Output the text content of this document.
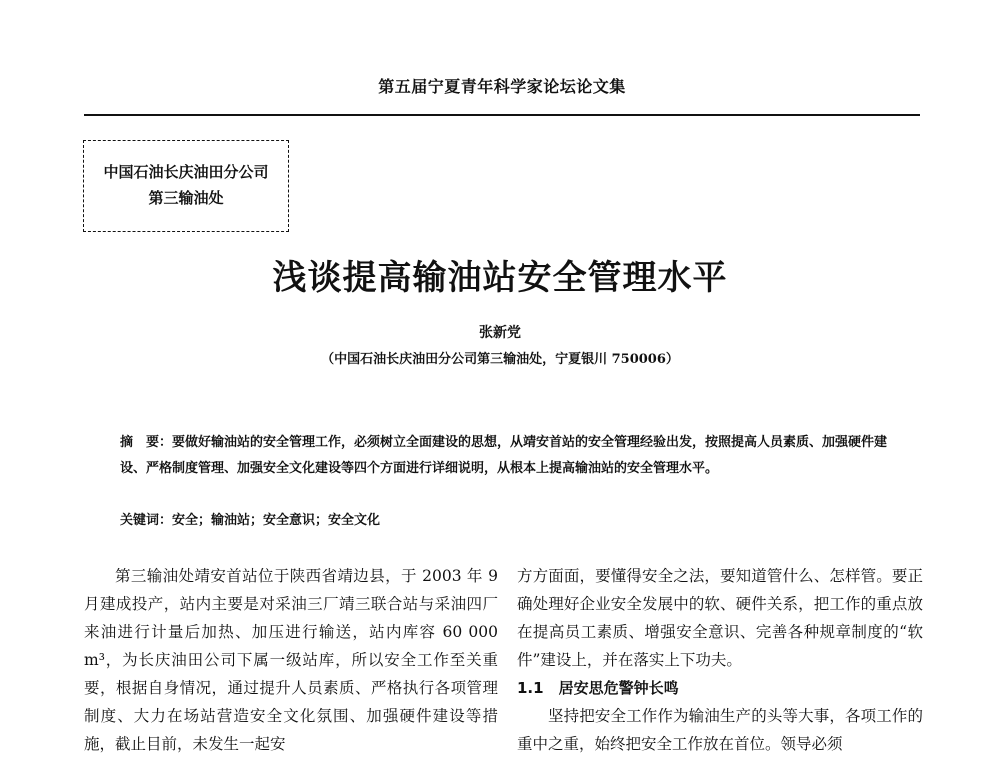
第五届宁夏青年科学家论坛论文集
中国石油长庆油田分公司
第三输油处
浅谈提高输油站安全管理水平
张新党
（中国石油长庆油田分公司第三输油处，宁夏银川 750006）
摘　要：要做好输油站的安全管理工作，必须树立全面建设的思想，从靖安首站的安全管理经验出发，按照提高人员素质、加强硬件建设、严格制度管理、加强安全文化建设等四个方面进行详细说明，从根本上提高输油站的安全管理水平。
关键词：安全；输油站；安全意识；安全文化

第三输油处靖安首站位于陕西省靖边县，于 2003 年 9 月建成投产，站内主要是对采油三厂靖三联合站与采油四厂来油进行计量后加热、加压进行输送，站内库容 60 000 m³，为长庆油田公司下属一级站库，所以安全工作至关重要，根据自身情况，通过提升人员素质、严格执行各项管理制度、大力在场站营造安全文化氛围、加强硬件建设等措施，截止目前，未发生一起安

方方面面，要懂得安全之法，要知道管什么、怎样管。要正确处理好企业安全发展中的软、硬件关系，把工作的重点放在提高员工素质、增强安全意识、完善各种规章制度的“软件”建设上，并在落实上下功夫。

1.1　居安思危警钟长鸣

坚持把安全工作作为输油生产的头等大事，各项工作的重中之重，始终把安全工作放在首位。领导必须
